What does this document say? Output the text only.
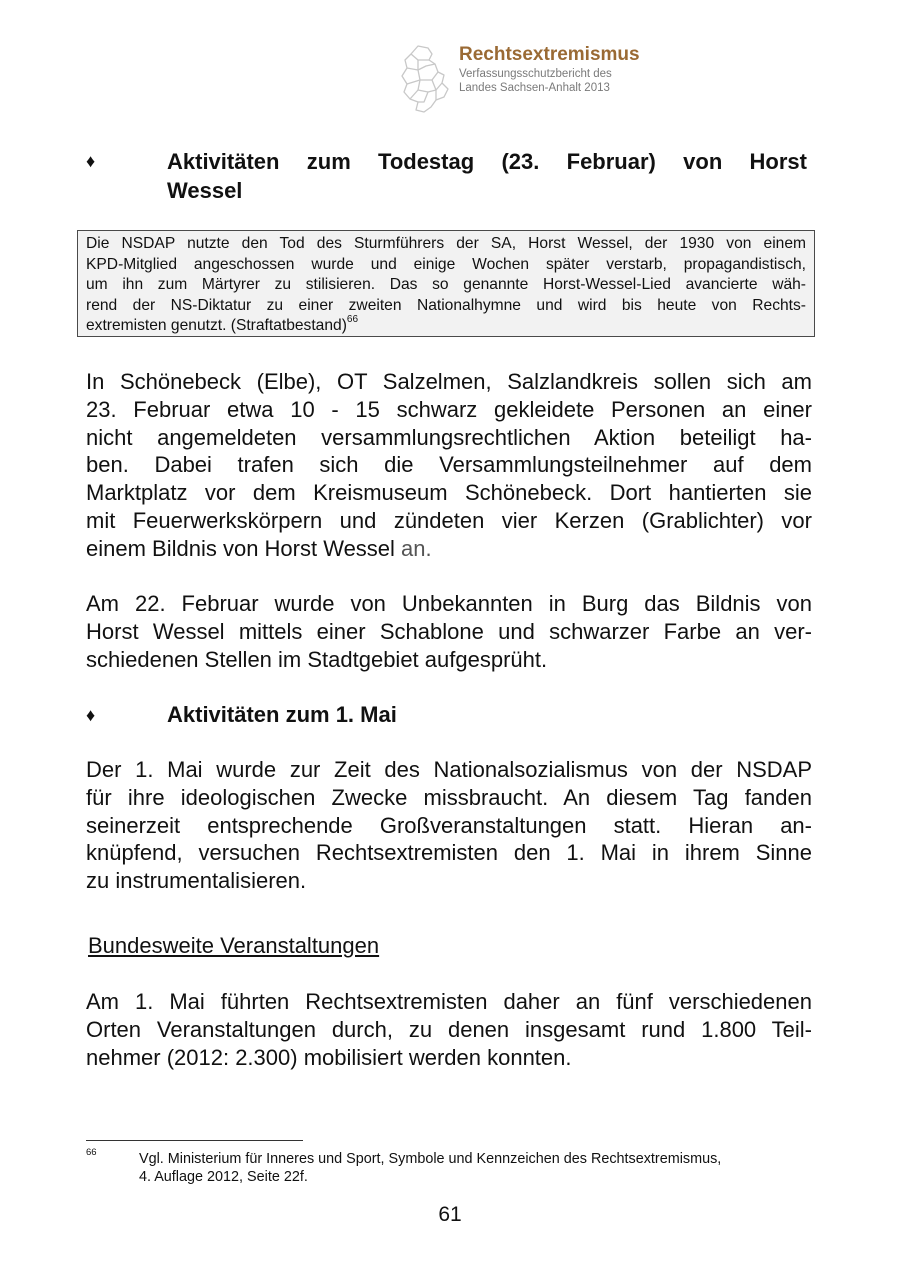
Rechtsextremismus
Verfassungsschutzbericht des
Landes Sachsen-Anhalt 2013
♦	Aktivitäten zum Todestag (23. Februar) von Horst
Wessel
Die NSDAP nutzte den Tod des Sturmführers der SA, Horst Wessel, der 1930 von einem
KPD-Mitglied angeschossen wurde und einige Wochen später verstarb, propagandistisch,
um ihn zum Märtyrer zu stilisieren. Das so genannte Horst-Wessel-Lied avancierte wäh-
rend der NS-Diktatur zu einer zweiten Nationalhymne und wird bis heute von Rechts-
extremisten genutzt. (Straftatbestand)$^{66}$
In Schönebeck (Elbe), OT Salzelmen, Salzlandkreis sollen sich am
23. Februar etwa 10 - 15 schwarz gekleidete Personen an einer
nicht angemeldeten versammlungsrechtlichen Aktion beteiligt ha-
ben. Dabei trafen sich die Versammlungsteilnehmer auf dem
Marktplatz vor dem Kreismuseum Schönebeck. Dort hantierten sie
mit Feuerwerkskörpern und zündeten vier Kerzen (Grablichter) vor
einem Bildnis von Horst Wessel an.
Am 22. Februar wurde von Unbekannten in Burg das Bildnis von
Horst Wessel mittels einer Schablone und schwarzer Farbe an ver-
schiedenen Stellen im Stadtgebiet aufgesprüht.
♦	Aktivitäten zum 1. Mai
Der 1. Mai wurde zur Zeit des Nationalsozialismus von der NSDAP
für ihre ideologischen Zwecke missbraucht. An diesem Tag fanden
seinerzeit entsprechende Großveranstaltungen statt. Hieran an-
knüpfend, versuchen Rechtsextremisten den 1. Mai in ihrem Sinne
zu instrumentalisieren.
Bundesweite Veranstaltungen
Am 1. Mai führten Rechtsextremisten daher an fünf verschiedenen
Orten Veranstaltungen durch, zu denen insgesamt rund 1.800 Teil-
nehmer (2012: 2.300) mobilisiert werden konnten.
66	Vgl. Ministerium für Inneres und Sport, Symbole und Kennzeichen des Rechtsextremismus,
4. Auflage 2012, Seite 22f.
61
